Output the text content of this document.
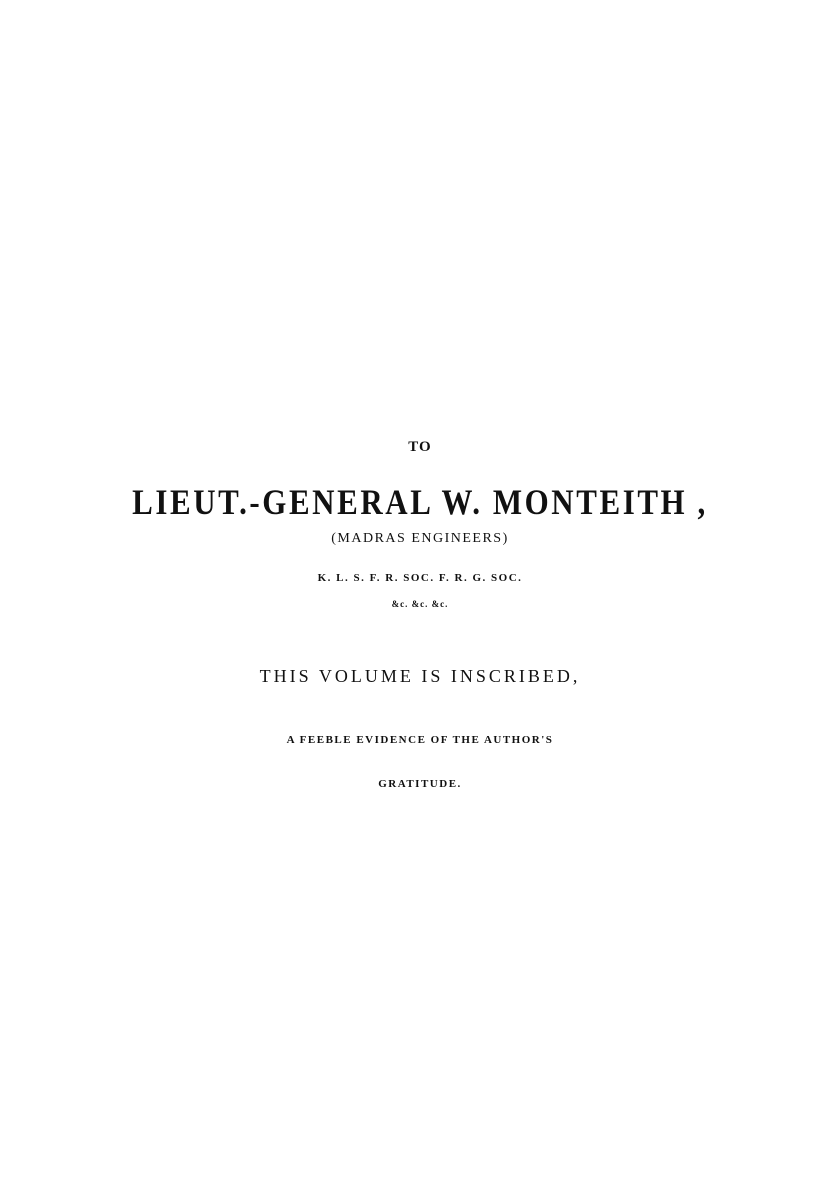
TO
LIEUT.-GENERAL W. MONTEITH ,
(MADRAS ENGINEERS)
K. L. S. F. R. SOC. F. R. G. SOC.
&c. &c. &c.
THIS VOLUME IS INSCRIBED,
A FEEBLE EVIDENCE OF THE AUTHOR'S
GRATITUDE.
